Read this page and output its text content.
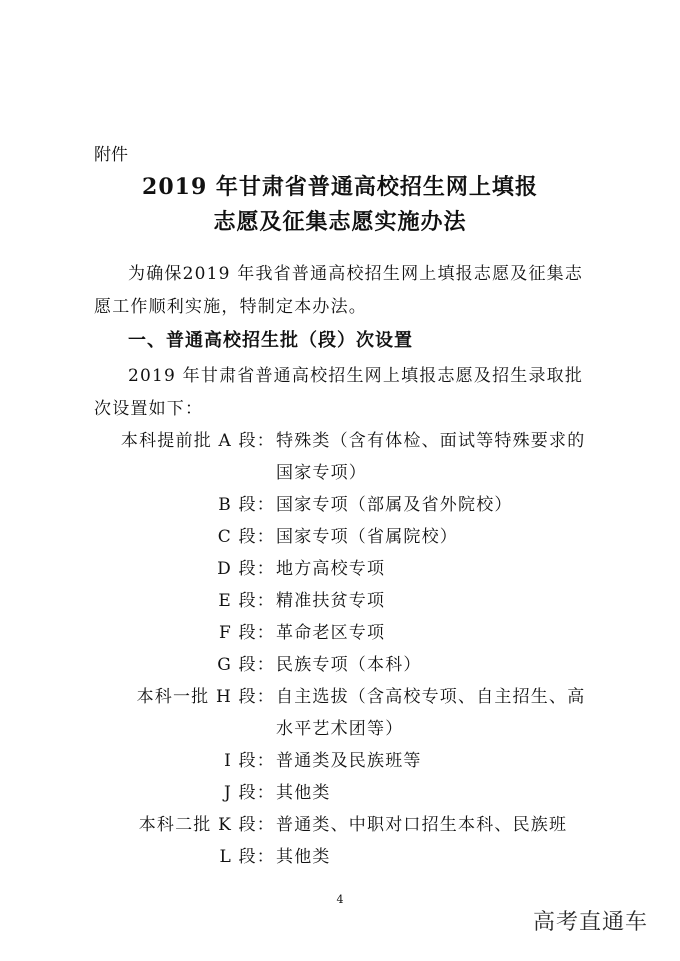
附件
2019 年甘肃省普通高校招生网上填报
志愿及征集志愿实施办法
为确保2019 年我省普通高校招生网上填报志愿及征集志愿工作顺利实施，特制定本办法。
一、普通高校招生批（段）次设置
2019 年甘肃省普通高校招生网上填报志愿及招生录取批次设置如下：
本科提前批 A 段： 特殊类（含有体检、面试等特殊要求的
国家专项）
B 段： 国家专项（部属及省外院校）
C 段： 国家专项（省属院校）
D 段： 地方高校专项
E 段： 精准扶贫专项
F 段： 革命老区专项
G 段： 民族专项（本科）
本科一批 H 段： 自主选拔（含高校专项、自主招生、高
水平艺术团等）
I 段： 普通类及民族班等
J 段： 其他类
本科二批 K 段： 普通类、中职对口招生本科、民族班
L 段： 其他类
4
高考直通车
